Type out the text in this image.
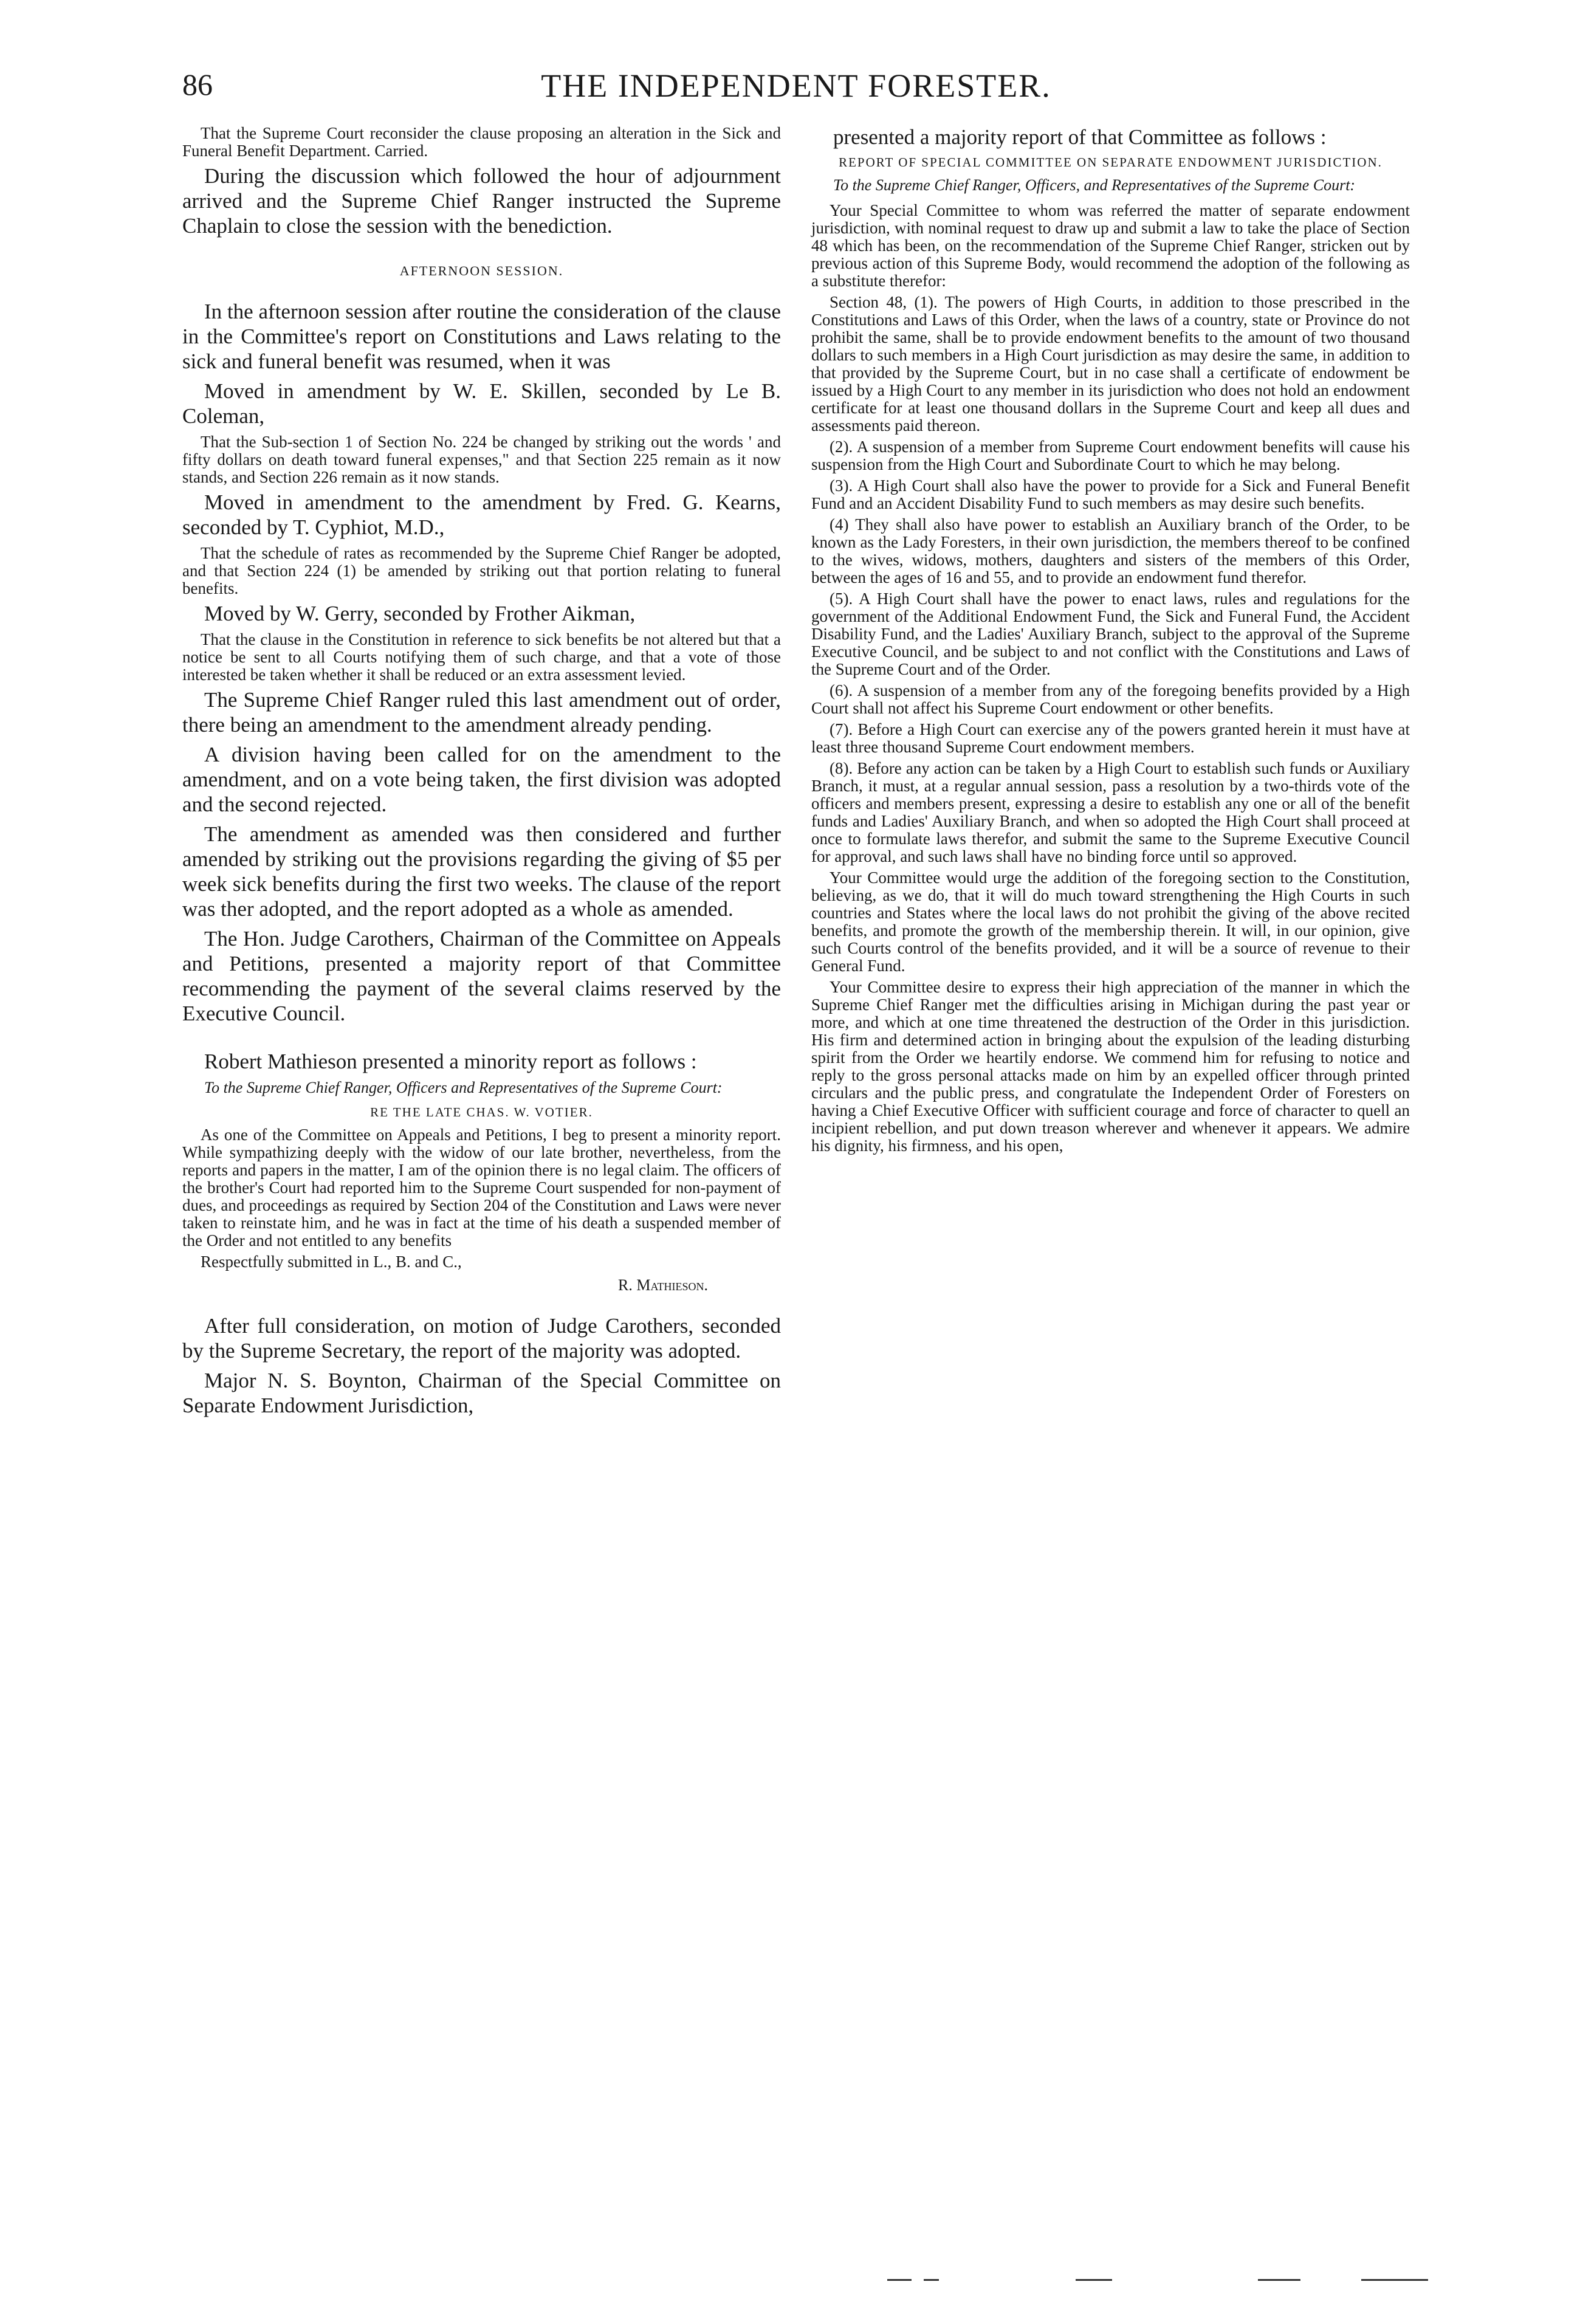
86	THE INDEPENDENT FORESTER.

That the Supreme Court reconsider the clause proposing an alteration in the Sick and Funeral Benefit Department. Carried.

During the discussion which followed the hour of adjournment arrived and the Supreme Chief Ranger instructed the Supreme Chaplain to close the session with the benediction.

AFTERNOON SESSION.

In the afternoon session after routine the consideration of the clause in the Committee's report on Constitutions and Laws relating to the sick and funeral benefit was resumed, when it was

Moved in amendment by W. E. Skillen, seconded by Le B. Coleman,

That the Sub-section 1 of Section No. 224 be changed by striking out the words ' and fifty dollars on death toward funeral expenses," and that Section 225 remain as it now stands, and Section 226 remain as it now stands.

Moved in amendment to the amendment by Fred. G. Kearns, seconded by T. Cyphiot, M.D.,

That the schedule of rates as recommended by the Supreme Chief Ranger be adopted, and that Section 224 (1) be amended by striking out that portion relating to funeral benefits.

Moved by W. Gerry, seconded by Frother Aikman,

That the clause in the Constitution in reference to sick benefits be not altered but that a notice be sent to all Courts notifying them of such charge, and that a vote of those interested be taken whether it shall be reduced or an extra assessment levied.

The Supreme Chief Ranger ruled this last amendment out of order, there being an amendment to the amendment already pending.

A division having been called for on the amendment to the amendment, and on a vote being taken, the first division was adopted and the second rejected.

The amendment as amended was then considered and further amended by striking out the provisions regarding the giving of $5 per week sick benefits during the first two weeks. The clause of the report was ther adopted, and the report adopted as a whole as amended.

The Hon. Judge Carothers, Chairman of the Committee on Appeals and Petitions, presented a majority report of that Committee recommending the payment of the several claims reserved by the Executive Council.

Robert Mathieson presented a minority report as follows :

To the Supreme Chief Ranger, Officers and Representatives of the Supreme Court:

RE THE LATE CHAS. W. VOTIER.

As one of the Committee on Appeals and Petitions, I beg to present a minority report. While sympathizing deeply with the widow of our late brother, nevertheless, from the reports and papers in the matter, I am of the opinion there is no legal claim. The officers of the brother's Court had reported him to the Supreme Court suspended for non-payment of dues, and proceedings as required by Section 204 of the Constitution and Laws were never taken to reinstate him, and he was in fact at the time of his death a suspended member of the Order and not entitled to any benefits

Respectfully submitted in L., B. and C.,

R. Mathieson.

After full consideration, on motion of Judge Carothers, seconded by the Supreme Secretary, the report of the majority was adopted.

Major N. S. Boynton, Chairman of the Special Committee on Separate Endowment Jurisdiction,

presented a majority report of that Committee as follows :

REPORT OF SPECIAL COMMITTEE ON SEPARATE ENDOWMENT JURISDICTION.

To the Supreme Chief Ranger, Officers, and Representatives of the Supreme Court:

Your Special Committee to whom was referred the matter of separate endowment jurisdiction, with nominal request to draw up and submit a law to take the place of Section 48 which has been, on the recommendation of the Supreme Chief Ranger, stricken out by previous action of this Supreme Body, would recommend the adoption of the following as a substitute therefor:

Section 48, (1). The powers of High Courts, in addition to those prescribed in the Constitutions and Laws of this Order, when the laws of a country, state or Province do not prohibit the same, shall be to provide endowment benefits to the amount of two thousand dollars to such members in a High Court jurisdiction as may desire the same, in addition to that provided by the Supreme Court, but in no case shall a certificate of endowment be issued by a High Court to any member in its jurisdiction who does not hold an endowment certificate for at least one thousand dollars in the Supreme Court and keep all dues and assessments paid thereon.

(2). A suspension of a member from Supreme Court endowment benefits will cause his suspension from the High Court and Subordinate Court to which he may belong.

(3). A High Court shall also have the power to provide for a Sick and Funeral Benefit Fund and an Accident Disability Fund to such members as may desire such benefits.

(4) They shall also have power to establish an Auxiliary branch of the Order, to be known as the Lady Foresters, in their own jurisdiction, the members thereof to be confined to the wives, widows, mothers, daughters and sisters of the members of this Order, between the ages of 16 and 55, and to provide an endowment fund therefor.

(5). A High Court shall have the power to enact laws, rules and regulations for the government of the Additional Endowment Fund, the Sick and Funeral Fund, the Accident Disability Fund, and the Ladies' Auxiliary Branch, subject to the approval of the Supreme Executive Council, and be subject to and not conflict with the Constitutions and Laws of the Supreme Court and of the Order.

(6). A suspension of a member from any of the foregoing benefits provided by a High Court shall not affect his Supreme Court endowment or other benefits.

(7). Before a High Court can exercise any of the powers granted herein it must have at least three thousand Supreme Court endowment members.

(8). Before any action can be taken by a High Court to establish such funds or Auxiliary Branch, it must, at a regular annual session, pass a resolution by a two-thirds vote of the officers and members present, expressing a desire to establish any one or all of the benefit funds and Ladies' Auxiliary Branch, and when so adopted the High Court shall proceed at once to formulate laws therefor, and submit the same to the Supreme Executive Council for approval, and such laws shall have no binding force until so approved.

Your Committee would urge the addition of the foregoing section to the Constitution, believing, as we do, that it will do much toward strengthening the High Courts in such countries and States where the local laws do not prohibit the giving of the above recited benefits, and promote the growth of the membership therein. It will, in our opinion, give such Courts control of the benefits provided, and it will be a source of revenue to their General Fund.

Your Committee desire to express their high appreciation of the manner in which the Supreme Chief Ranger met the difficulties arising in Michigan during the past year or more, and which at one time threatened the destruction of the Order in this jurisdiction. His firm and determined action in bringing about the expulsion of the leading disturbing spirit from the Order we heartily endorse. We commend him for refusing to notice and reply to the gross personal attacks made on him by an expelled officer through printed circulars and the public press, and congratulate the Independent Order of Foresters on having a Chief Executive Officer with sufficient courage and force of character to quell an incipient rebellion, and put down treason wherever and whenever it appears. We admire his dignity, his firmness, and his open,
